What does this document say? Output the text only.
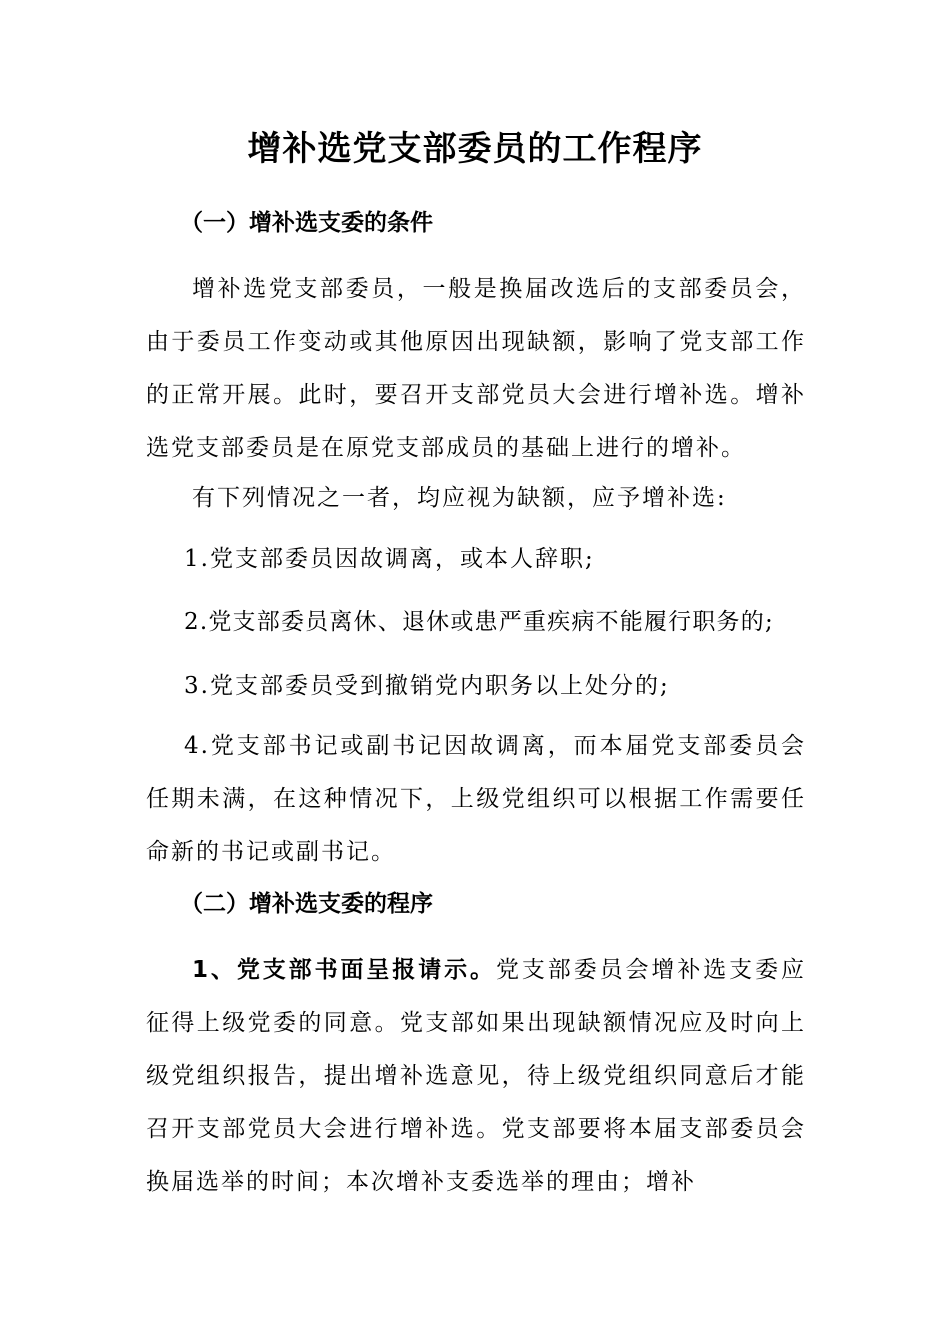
增补选党支部委员的工作程序
（一）增补选支委的条件

增补选党支部委员，一般是换届改选后的支部委员会，由于委员工作变动或其他原因出现缺额，影响了党支部工作的正常开展。此时，要召开支部党员大会进行增补选。增补选党支部委员是在原党支部成员的基础上进行的增补。

有下列情况之一者，均应视为缺额，应予增补选:

1.党支部委员因故调离，或本人辞职;

2.党支部委员离休、退休或患严重疾病不能履行职务的;

3.党支部委员受到撤销党内职务以上处分的;

4.党支部书记或副书记因故调离，而本届党支部委员会任期未满，在这种情况下，上级党组织可以根据工作需要任命新的书记或副书记。

（二）增补选支委的程序

1、党支部书面呈报请示。党支部委员会增补选支委应征得上级党委的同意。党支部如果出现缺额情况应及时向上级党组织报告，提出增补选意见，待上级党组织同意后才能召开支部党员大会进行增补选。党支部要将本届支部委员会换届选举的时间；本次增补支委选举的理由；增补
